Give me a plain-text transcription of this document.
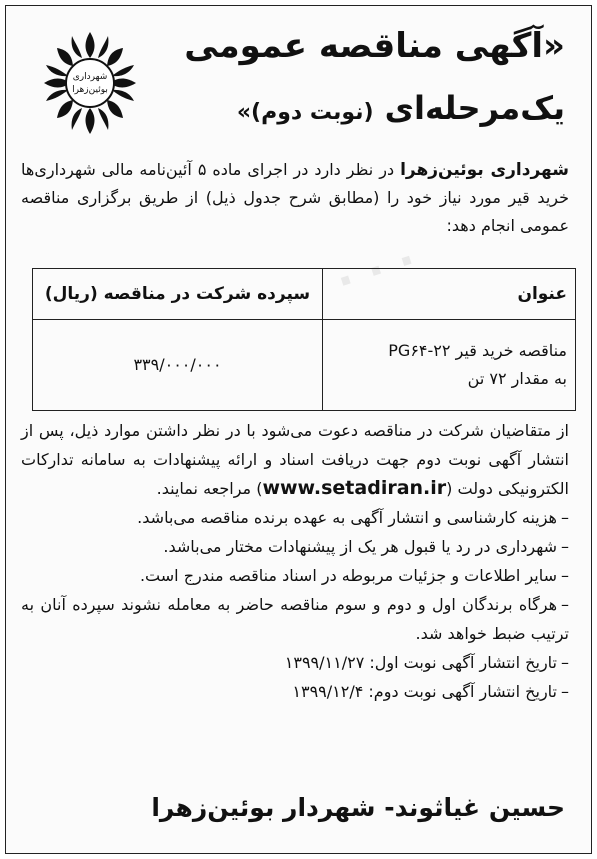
شهرداری
بوئین‌زهرا
· · ·
«آگهی مناقصه عمومی
یک‌مرحله‌ای (نوبت دوم)»
شهرداری بوئین‌زهرا در نظر دارد در اجرای ماده ۵ آئین‌نامه مالی شهرداری‌ها خرید قیر مورد نیاز خود را (مطابق شرح جدول ذیل) از طریق برگزاری مناقصه عمومی انجام دهد:
عنوان	سپرده شرکت در مناقصه (ریال)

مناقصه خرید قیر PG۶۴-۲۲
به مقدار ۷۲ تن	۳۳۹/۰۰۰/۰۰۰
از متقاضیان شرکت در مناقصه دعوت می‌شود با در نظر داشتن موارد ذیل، پس از انتشار آگهی نوبت دوم جهت دریافت اسناد و ارائه پیشنهادات به سامانه تدارکات الکترونیکی دولت (www.setadiran.ir) مراجعه نمایند.
–هزینه کارشناسی و انتشار آگهی به عهده برنده مناقصه می‌باشد.
–شهرداری در رد یا قبول هر یک از پیشنهادات مختار می‌باشد.
–سایر اطلاعات و جزئیات مربوطه در اسناد مناقصه مندرج است.
–هرگاه برندگان اول و دوم و سوم مناقصه حاضر به معامله نشوند سپرده آنان به ترتیب ضبط خواهد شد.
–تاریخ انتشار آگهی نوبت اول: ۱۳۹۹/۱۱/۲۷
–تاریخ انتشار آگهی نوبت دوم: ۱۳۹۹/۱۲/۴
حسین غیاثوند- شهردار بوئین‌زهرا
